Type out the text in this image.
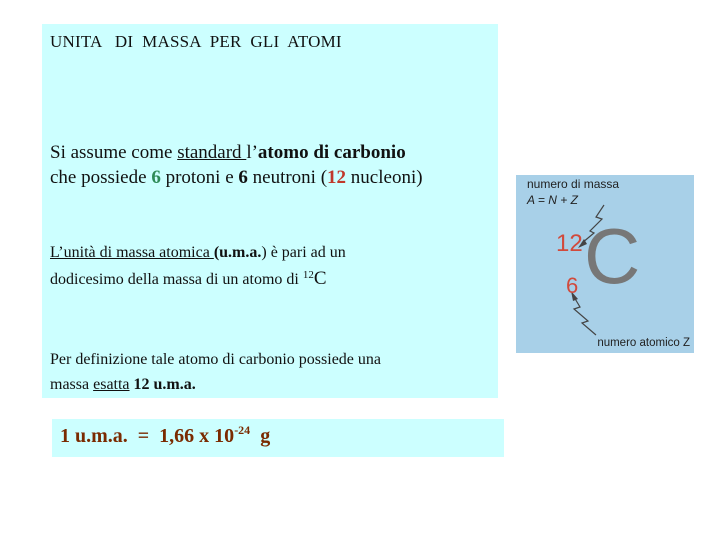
UNITA   DI  MASSA  PER  GLI  ATOMI
Si assume come standard l’atomo di carbonio
che possiede 6 protoni e 6 neutroni (12 nucleoni)
L’unità di massa atomica (u.m.a.) è pari ad un
dodicesimo della massa di un atomo di $^{12}$C
Per definizione tale atomo di carbonio possiede una
massa esatta 12 u.m.a.
1 u.m.a.  =  1,66 x $10^{-24}$  g
numero di massa
A = N + Z
12 C
6
numero atomico Z
